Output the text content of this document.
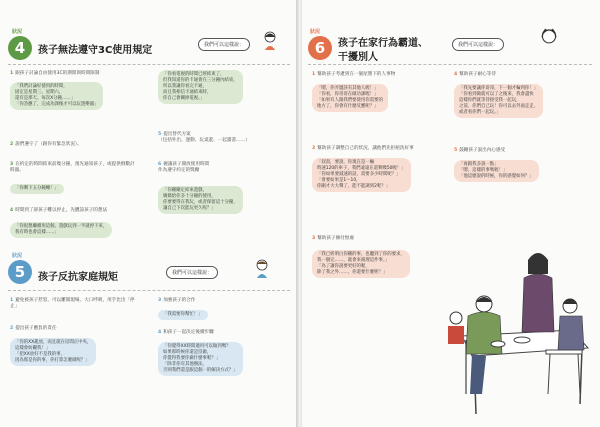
4
狀況
孩子無法遵守3C使用規定	我們可以這樣說：
1 跟孩子討論自由使用3C的期間與時間限制
「我們討論好使用的時間，
固定是星期三、星期六，
還有是那天、每次X分鐘……」
「你答應了，完成功課後才可以玩遊樂器」
2 說們遵守了（跟你有緊急狀況）。
3 在約定的時間結束前幾分鐘，預先通知孩子，或提供倒數計時器。
「你剩下五分鐘囉！」
4 時間到了卻孩子難以停止，先體諒孩子的想法
「你很想繼續用這個，遊戲玩到一半就停下來，
我有時也會這樣……」
「你看電視的時間已經結束了，
但我知道你的卡通會在三分鐘內結束，
所以我讓你看完卡通，
而且我相信卡通結束時，
你自己會關掉電視。」
5 提出替代方案
（包括外出、運動、玩桌遊、一起讀書……）
6 握議孩子開放使用時間
作為遵守約定的獎勵
「你剛剛定結束遊戲，
媽媽給你多十分鐘的使用，
你要要得在我玩，或者保留這十分鐘，
讓自己下次能玩更久呢？」
狀況
5	孩子反抗家庭規矩	我們可以這樣說：
1 避免被孩子惹怒，可以離開現場、大口呼吸，用手比出「停止」
2 提出孩子應負的責任
「你的XX亂放，而且就在房間正中央，
這樣會妨礙我！」
「把XX放好不是我的事，
因為那是你的事，你打算怎麼做呢？」
3 加強孩子的合作
「我需要你幫忙！」
4 和孩子一起決定後續步驟
「你覺得XX時間適用可以做到嗎？
如果那時候你還是沒做，
你覺得我要你做什麼事呢？」
「除非你有其他辦法，
否則我們還是跟這個一的解決方式？」
狀況
6	孩子在家行為霸道、
干擾別人
我們可以這樣說：
1 幫助孩子考慮到在一個屋簷下的人事物
「嗯，你弄邊該有其他人喔！」
「你看，你哥哥在做功課喔！」
「如果有人跟我們要使用你需要的
地方了，你會有什麼反應呢？」
2 幫助孩子調整自己的狀況，讓他們先拒絕洗好事
「叔叔，要說，你現在是一輛
時速120的車子，我們遠遠在還剩幾50喔！」
「你如果要減速的話，需要多少時間呢？」
「會要如果是1～10，
你剛才大大聲了，能不能調到2呢？」
3 幫助孩子擁付無處
「我已經明白你剛的事，也聽到了你的要求，
我一個完……，就會來處理這件事。」
「為了讓你說要更好的喔，
除了我之外……，你還要什麼呢？」
4 幫助孩子耐心等待
「我先要讓你哥哥，下一個才輪到你！」
「你看到做就可以了之後來，我會盡快
這樣你們就等待接受我一起玩，
之前，你們自己玩！你可以去外面走走，
或者看你們一起玩。」
5 鼓勵孩子說出內心感受
「再跟我多說一點」
「嗯，這樣的事嗎喔！」
「他這麼說的時候，你的感覺如何？」
